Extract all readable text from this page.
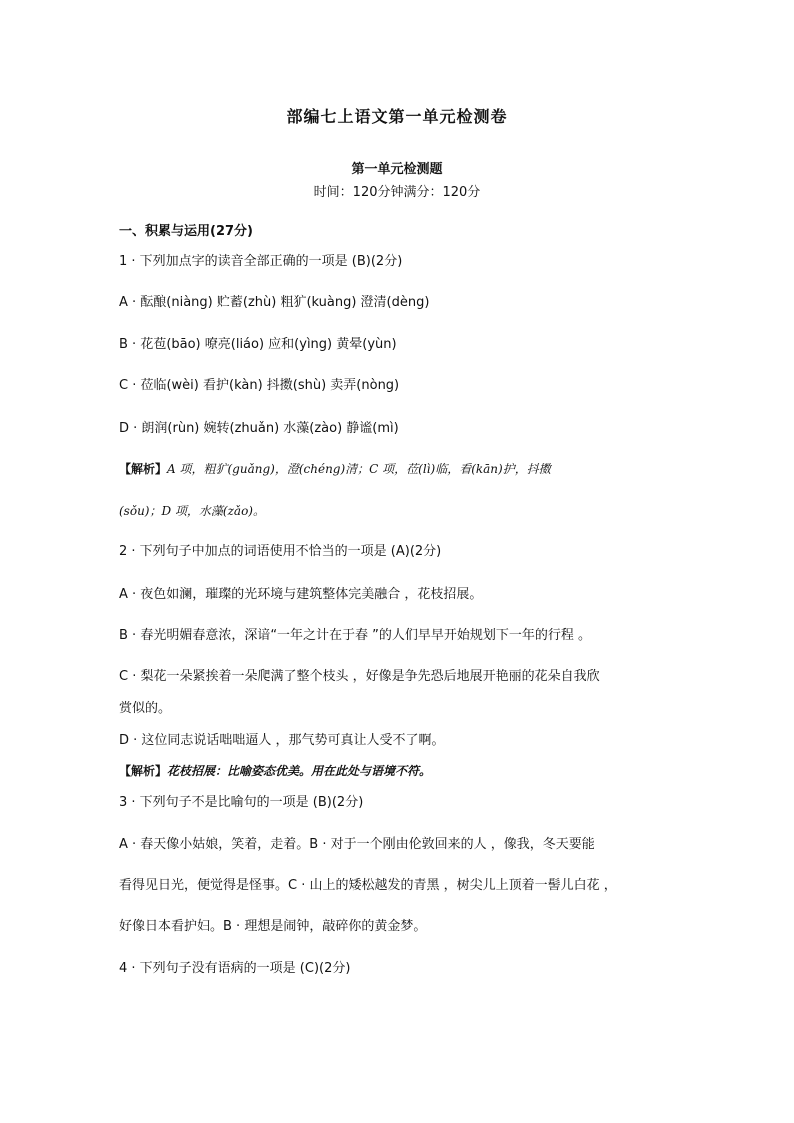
部编七上语文第一单元检测卷
第一单元检测题
时间：120分钟满分：120分
一、积累与运用(27分)
1 · 下列加点字的读音全部正确的一项是 (B)(2分)
A · 酝酿(niàng) 贮蓄(zhù) 粗犷(kuàng) 澄清(dèng)
B · 花苞(bāo) 嘹亮(liáo) 应和(yìng) 黄晕(yùn)
C · 莅临(wèi) 看护(kàn) 抖擞(shù) 卖弄(nòng)
D · 朗润(rùn) 婉转(zhuǎn) 水藻(zào) 静谧(mì)
【解析】A 项，粗犷(guǎng)，澄(chéng)清；C 项，莅(lì)临，看(kān)护，抖擞
(sǒu)；D 项，水藻(zǎo)。
2 · 下列句子中加点的词语使用不恰当的一项是 (A)(2分)
A · 夜色如澜，璀璨的光环境与建筑整体完美融合 ，花枝招展。
B · 春光明媚春意浓，深谙“一年之计在于春 ”的人们早早开始规划下一年的行程 。
C · 梨花一朵紧挨着一朵爬满了整个枝头 ，好像是争先恐后地展开艳丽的花朵自我欣
赏似的。
D · 这位同志说话咄咄逼人 ，那气势可真让人受不了啊。
【解析】花枝招展：比喻姿态优美。用在此处与语境不符。
3 · 下列句子不是比喻句的一项是 (B)(2分)
A · 春天像小姑娘，笑着，走着。B · 对于一个刚由伦敦回来的人 ，像我，冬天要能
看得见日光，便觉得是怪事。C · 山上的矮松越发的青黑 ，树尖儿上顶着一髻儿白花 ，
好像日本看护妇。B · 理想是闹钟，敲碎你的黄金梦。
4 · 下列句子没有语病的一项是 (C)(2分)
